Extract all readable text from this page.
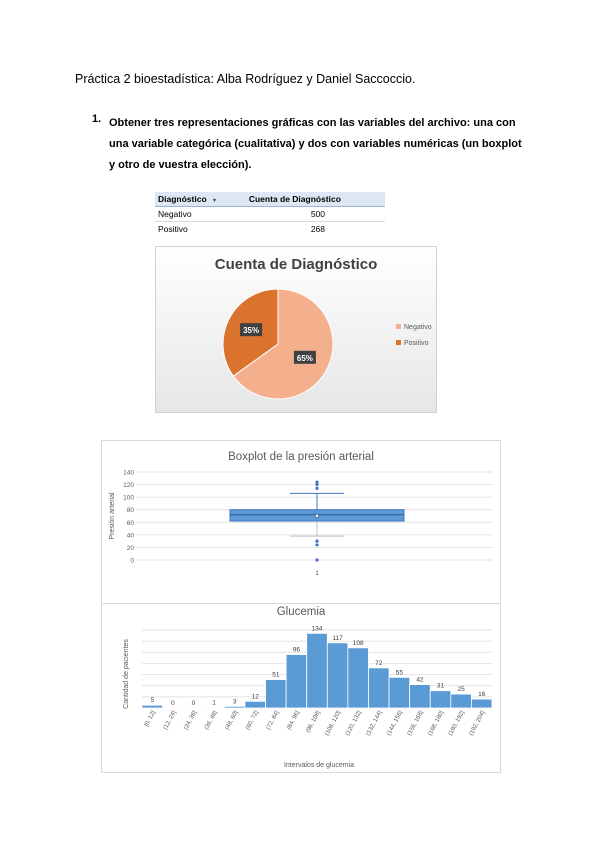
Práctica 2 bioestadística: Alba Rodríguez y Daniel Saccoccio.
1. Obtener tres representaciones gráficas con las variables del archivo: una con
una variable categórica (cualitativa) y dos con variables numéricas (un boxplot
y otro de vuestra elección).
Diagnóstico ▾	Cuenta de Diagnóstico
Negativo	500
Positivo	268
Cuenta de Diagnóstico
65%
35%	Negativo
Positivo
Boxplot de la presión arterial
Presión arterial
140
120
100
80
60
40
20
0
1
Glucemia
Cantidad de pacientes
Intervalos de glucemia
5
[0, 12]
0
(12, 24]
0
(24, 36]
1
(36, 48]
3
(48, 60]
12
(60, 72]
51
(72, 84]
96
(84, 96]
134
(96, 108]
117
(108, 120]
108
(120, 132]
72
(132, 144]
55
(144, 156]
42
(156, 168]
31
(168, 180]
25
(180, 192]
16
(192, 204]
